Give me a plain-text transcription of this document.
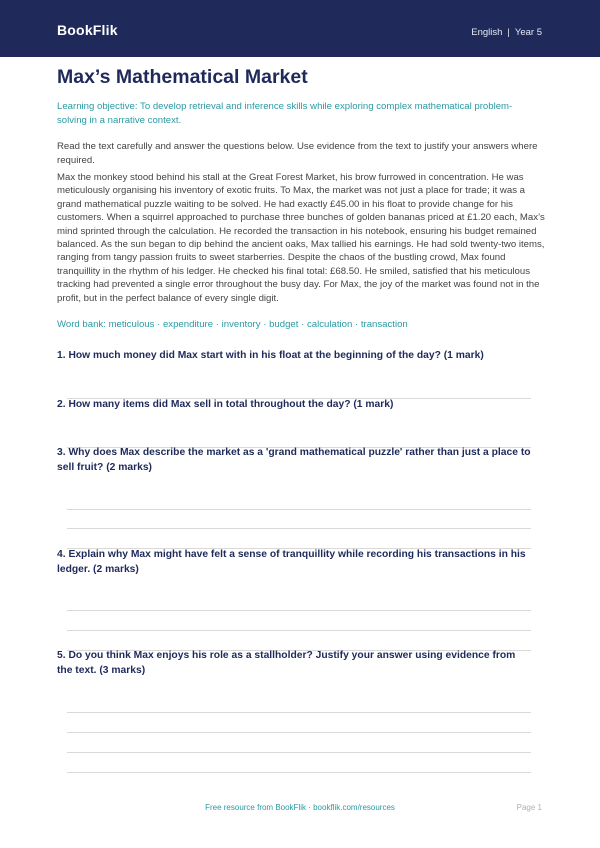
BookFlik	English | Year 5
Max’s Mathematical Market
Learning objective: To develop retrieval and inference skills while exploring complex mathematical problem-solving in a narrative context.
Read the text carefully and answer the questions below. Use evidence from the text to justify your answers where required.
Max the monkey stood behind his stall at the Great Forest Market, his brow furrowed in concentration. He was meticulously organising his inventory of exotic fruits. To Max, the market was not just a place for trade; it was a grand mathematical puzzle waiting to be solved. He had exactly £45.00 in his float to provide change for his customers. When a squirrel approached to purchase three bunches of golden bananas priced at £1.20 each, Max’s mind sprinted through the calculation. He recorded the transaction in his notebook, ensuring his budget remained balanced. As the sun began to dip behind the ancient oaks, Max tallied his earnings. He had sold twenty-two items, ranging from tangy passion fruits to sweet starberries. Despite the chaos of the bustling crowd, Max found tranquillity in the rhythm of his ledger. He checked his final total: £68.50. He smiled, satisfied that his meticulous tracking had prevented a single error throughout the busy day. For Max, the joy of the market was found not in the profit, but in the perfect balance of every single digit.
Word bank: meticulous · expenditure · inventory · budget · calculation · transaction
1. How much money did Max start with in his float at the beginning of the day? (1 mark)
2. How many items did Max sell in total throughout the day? (1 mark)
3. Why does Max describe the market as a 'grand mathematical puzzle' rather than just a place to sell fruit? (2 marks)
4. Explain why Max might have felt a sense of tranquillity while recording his transactions in his ledger. (2 marks)
5. Do you think Max enjoys his role as a stallholder? Justify your answer using evidence from the text. (3 marks)
Free resource from BookFlik · bookflik.com/resources	Page 1
